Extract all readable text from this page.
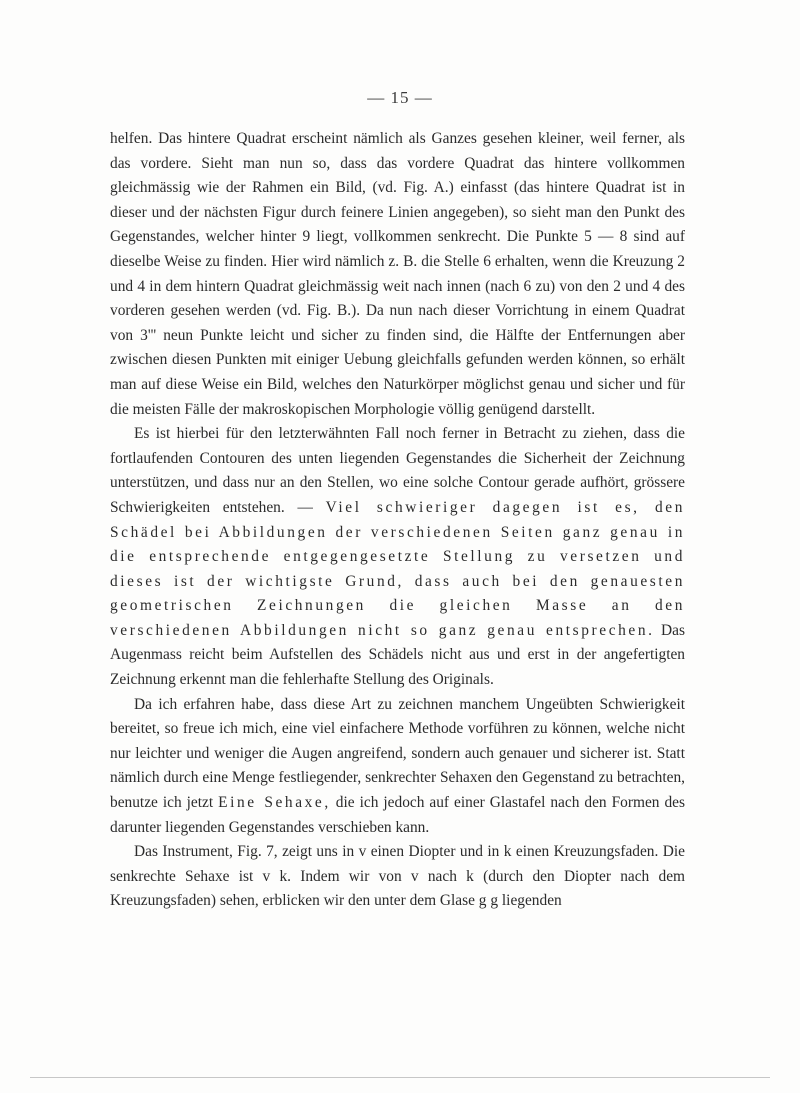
— 15 —

helfen. Das hintere Quadrat erscheint nämlich als Ganzes gesehen kleiner, weil ferner, als das vordere. Sieht man nun so, dass das vordere Quadrat das hintere vollkommen gleichmässig wie der Rahmen ein Bild, (vd. Fig. A.) einfasst (das hintere Quadrat ist in dieser und der nächsten Figur durch feinere Linien angegeben), so sieht man den Punkt des Gegenstandes, welcher hinter 9 liegt, vollkommen senkrecht. Die Punkte 5 — 8 sind auf dieselbe Weise zu finden. Hier wird nämlich z. B. die Stelle 6 erhalten, wenn die Kreuzung 2 und 4 in dem hintern Quadrat gleichmässig weit nach innen (nach 6 zu) von den 2 und 4 des vorderen gesehen werden (vd. Fig. B.). Da nun nach dieser Vorrichtung in einem Quadrat von 3''' neun Punkte leicht und sicher zu finden sind, die Hälfte der Entfernungen aber zwischen diesen Punkten mit einiger Uebung gleichfalls gefunden werden können, so erhält man auf diese Weise ein Bild, welches den Naturkörper möglichst genau und sicher und für die meisten Fälle der makroskopischen Morphologie völlig genügend darstellt.

Es ist hierbei für den letzterwähnten Fall noch ferner in Betracht zu ziehen, dass die fortlaufenden Contouren des unten liegenden Gegenstandes die Sicherheit der Zeichnung unterstützen, und dass nur an den Stellen, wo eine solche Contour gerade aufhört, grössere Schwierigkeiten entstehen. — Viel schwieriger dagegen ist es, den Schädel bei Abbildungen der verschiedenen Seiten ganz genau in die entsprechende entgegengesetzte Stellung zu versetzen und dieses ist der wichtigste Grund, dass auch bei den genauesten geometrischen Zeichnungen die gleichen Masse an den verschiedenen Abbildungen nicht so ganz genau entsprechen. Das Augenmass reicht beim Aufstellen des Schädels nicht aus und erst in der angefertigten Zeichnung erkennt man die fehlerhafte Stellung des Originals.

Da ich erfahren habe, dass diese Art zu zeichnen manchem Ungeübten Schwierigkeit bereitet, so freue ich mich, eine viel einfachere Methode vorführen zu können, welche nicht nur leichter und weniger die Augen angreifend, sondern auch genauer und sicherer ist. Statt nämlich durch eine Menge festliegender, senkrechter Sehaxen den Gegenstand zu betrachten, benutze ich jetzt Eine Sehaxe, die ich jedoch auf einer Glastafel nach den Formen des darunter liegenden Gegenstandes verschieben kann.

Das Instrument, Fig. 7, zeigt uns in v einen Diopter und in k einen Kreuzungsfaden. Die senkrechte Sehaxe ist v k. Indem wir von v nach k (durch den Diopter nach dem Kreuzungsfaden) sehen, erblicken wir den unter dem Glase g g liegenden
